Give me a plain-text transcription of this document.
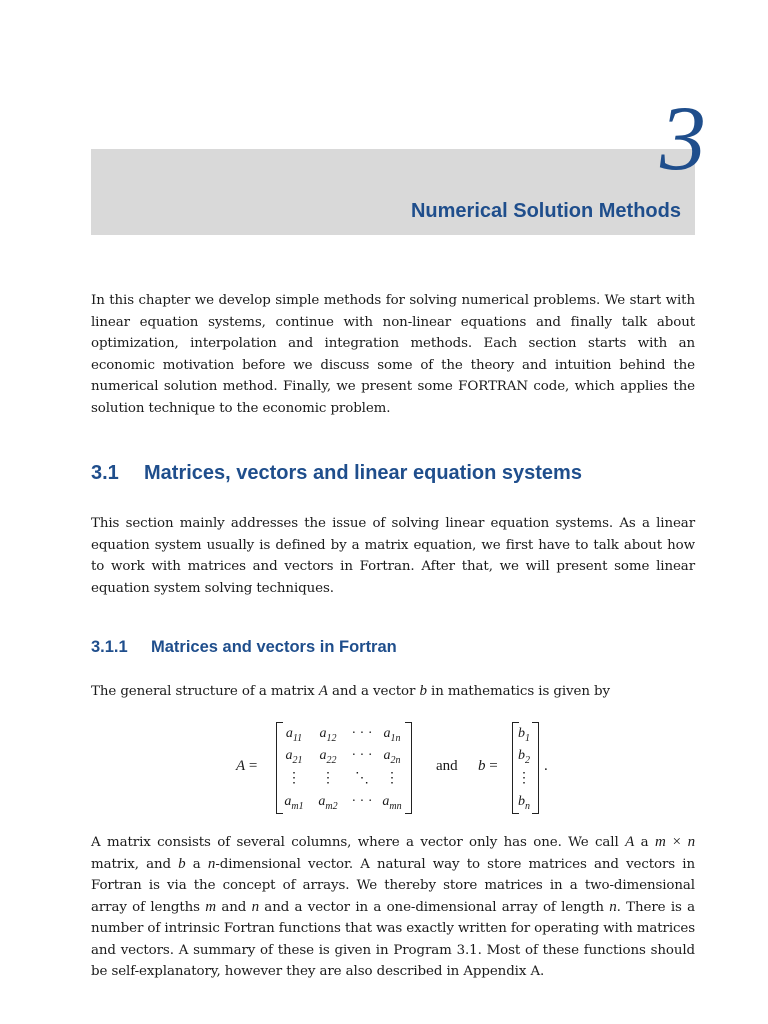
3
Numerical Solution Methods
In this chapter we develop simple methods for solving numerical problems. We start with linear equation systems, continue with non-linear equations and finally talk about optimization, interpolation and integration methods. Each section starts with an economic motivation before we discuss some of the theory and intuition behind the numerical solution method. Finally, we present some FORTRAN code, which applies the solution technique to the economic problem.
3.1 Matrices, vectors and linear equation systems
This section mainly addresses the issue of solving linear equation systems. As a linear equation system usually is defined by a matrix equation, we first have to talk about how to work with matrices and vectors in Fortran. After that, we will present some linear equation system solving techniques.
3.1.1 Matrices and vectors in Fortran
The general structure of a matrix A and a vector b in mathematics is given by
A =
$a_{11}$	$a_{12}$	· · · $a_{1n}$
$a_{21}$	$a_{22}$	· · · $a_{2n}$
⋮	⋮	⋱	⋮
$a_{m1}$	$a_{m2}$ · · · $a_{mn}$
and b =
$b_1$
$b_2$
⋮
$b_n$
.
A matrix consists of several columns, where a vector only has one. We call A a m × n matrix, and b a n-dimensional vector. A natural way to store matrices and vectors in Fortran is via the concept of arrays. We thereby store matrices in a two-dimensional array of lengths m and n and a vector in a one-dimensional array of length n. There is a number of intrinsic Fortran functions that was exactly written for operating with matrices and vectors. A summary of these is given in Program 3.1. Most of these functions should be self-explanatory, however they are also described in Appendix A.
